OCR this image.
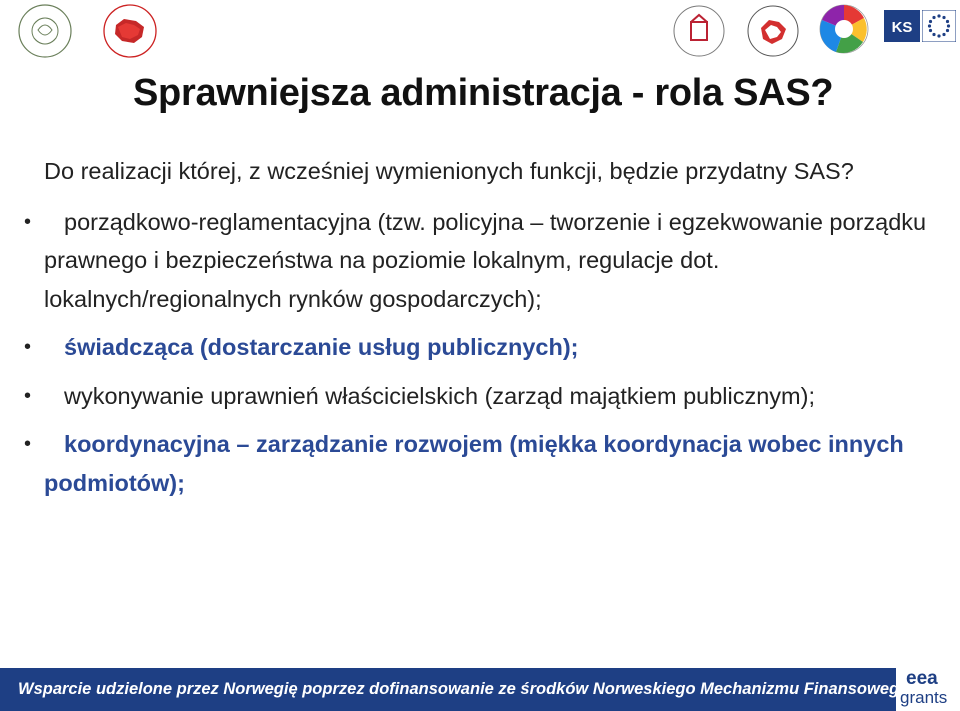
KS
Sprawniejsza administracja - rola SAS?

Do realizacji której, z wcześniej wymienionych funkcji, będzie przydatny SAS?

• porządkowo-reglamentacyjna (tzw. policyjna – tworzenie i egzekwowanie porządku prawnego i bezpieczeństwa na poziomie lokalnym, regulacje dot. lokalnych/regionalnych rynków gospodarczych);

• świadcząca (dostarczanie usług publicznych);

• wykonywanie uprawnień właścicielskich (zarząd majątkiem publicznym);

• koordynacyjna – zarządzanie rozwojem (miękka koordynacja wobec innych podmiotów);

Wsparcie udzielone przez Norwegię poprzez dofinansowanie ze środków Norweskiego Mechanizmu Finansowego
eea
grants
